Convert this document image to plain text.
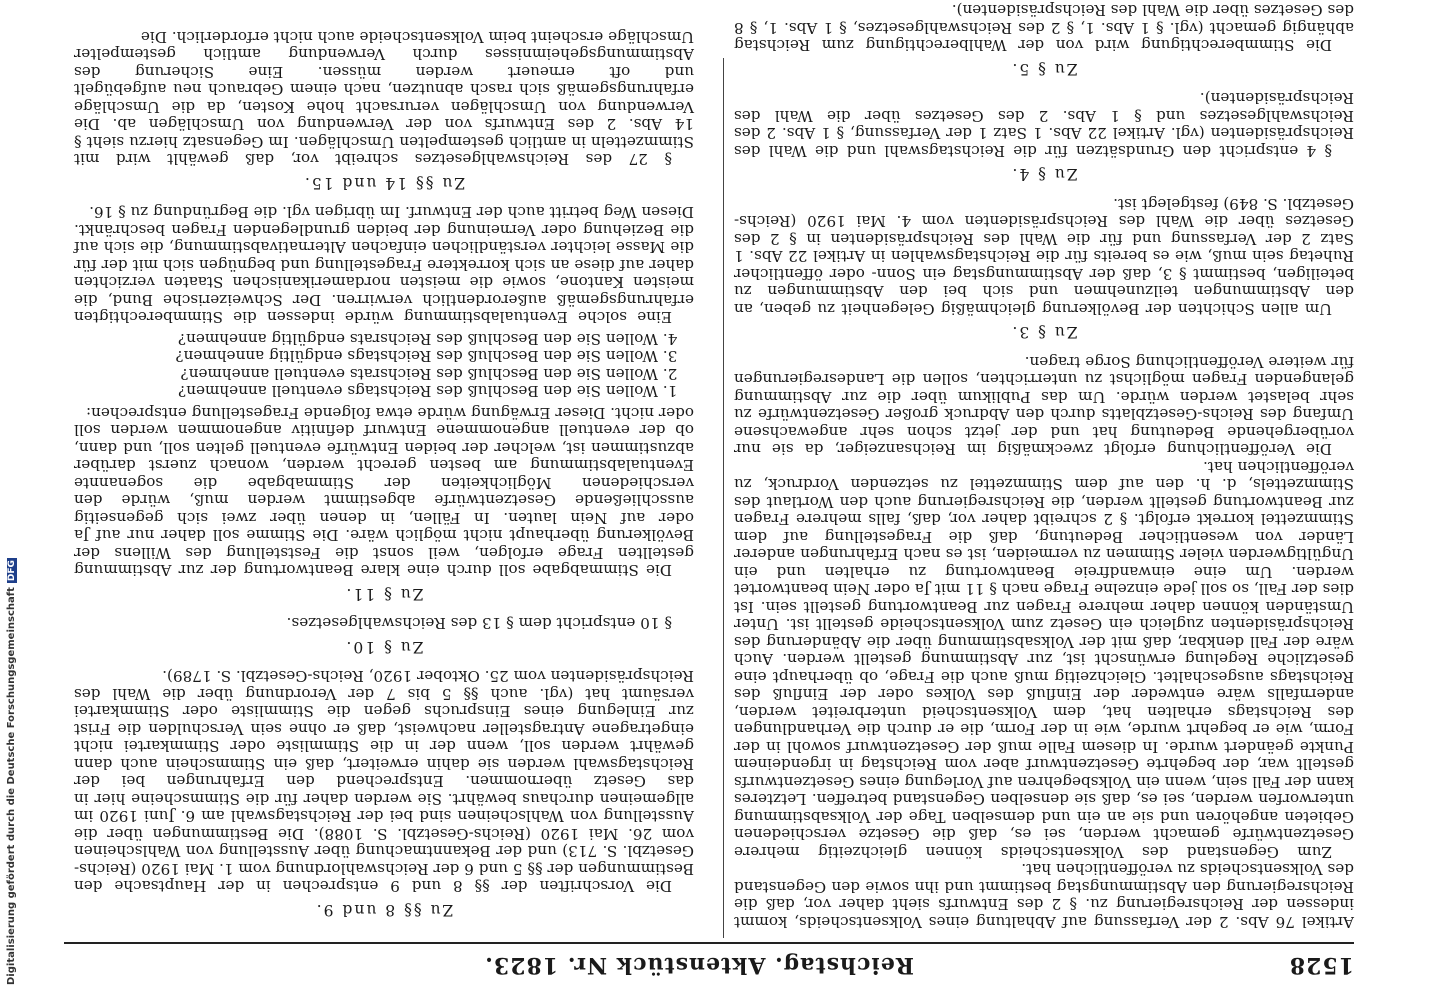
1528
Reichstag. Aktenstück Nr. 1823.

Artikel 76 Abs. 2 der Verfassung auf Abhaltung eines Volksentscheids, kommt indessen der Reichsregierung zu. § 2 des Entwurfs sieht daher vor, daß die Reichsregierung den Abstimmungstag bestimmt und ihn sowie den Gegenstand des Volksentscheids zu veröffentlichen hat.

Zum Gegenstand des Volksentscheids können gleichzeitig mehrere Gesetzentwürfe gemacht werden, sei es, daß die Gesetze verschiedenen Gebieten angehören und sie an ein und demselben Tage der Volksabstimmung unterworfen werden, sei es, daß sie denselben Gegenstand betreffen. Letzteres kann der Fall sein, wenn ein Volksbegehren auf Vorlegung eines Gesetzentwurfs gestellt war, der begehrte Gesetzentwurf aber vom Reichstag in irgendeinem Punkte geändert wurde. In diesem Falle muß der Gesetzentwurf sowohl in der Form, wie er begehrt wurde, wie in der Form, die er durch die Verhandlungen des Reichstags erhalten hat, dem Volksentscheid unterbreitet werden, andernfalls wäre entweder der Einfluß des Volkes oder der Einfluß des Reichstags ausgeschaltet. Gleichzeitig muß auch die Frage, ob überhaupt eine gesetzliche Regelung erwünscht ist, zur Abstimmung gestellt werden. Auch wäre der Fall denkbar, daß mit der Volksabstimmung über die Abänderung des Reichspräsidenten zugleich ein Gesetz zum Volksentscheide gestellt ist. Unter Umständen können daher mehrere Fragen zur Beantwortung gestellt sein. Ist dies der Fall, so soll jede einzelne Frage nach § 11 mit Ja oder Nein beantwortet werden. Um eine einwandfreie Beantwortung zu erhalten und ein Ungültigwerden vieler Stimmen zu vermeiden, ist es nach Erfahrungen anderer Länder von wesentlicher Bedeutung, daß die Fragestellung auf dem Stimmzettel korrekt erfolgt. § 2 schreibt daher vor, daß, falls mehrere Fragen zur Beantwortung gestellt werden, die Reichsregierung auch den Wortlaut des Stimmzettels, d. h. den auf dem Stimmzettel zu setzenden Vordruck, zu veröffentlichen hat.

Die Veröffentlichung erfolgt zweckmäßig im Reichsanzeiger, da sie nur vorübergehende Bedeutung hat und der jetzt schon sehr angewachsene Umfang des Reichs-Gesetzblatts durch den Abdruck großer Gesetzentwürfe zu sehr belastet werden würde. Um das Publikum über die zur Abstimmung gelangenden Fragen möglichst zu unterrichten, sollen die Landesregierungen für weitere Veröffentlichung Sorge tragen.

Zu § 3.

Um allen Schichten der Bevölkerung gleichmäßig Gelegenheit zu geben, an den Abstimmungen teilzunehmen und sich bei den Abstimmungen zu beteiligen, bestimmt § 3, daß der Abstimmungstag ein Sonn- oder öffentlicher Ruhetag sein muß, wie es bereits für die Reichstagswahlen in Artikel 22 Abs. 1 Satz 2 der Verfassung und für die Wahl des Reichspräsidenten in § 2 des Gesetzes über die Wahl des Reichspräsidenten vom 4. Mai 1920 (Reichs-Gesetzbl. S. 849) festgelegt ist.

Zu § 4.

§ 4 entspricht den Grundsätzen für die Reichstagswahl und die Wahl des Reichspräsidenten (vgl. Artikel 22 Abs. 1 Satz 1 der Verfassung, § 1 Abs. 2 des Reichswahlgesetzes und § 1 Abs. 2 des Gesetzes über die Wahl des Reichspräsidenten).

Zu § 5.

Die Stimmberechtigung wird von der Wahlberechtigung zum Reichstag abhängig gemacht (vgl. § 1 Abs. 1, § 2 des Reichswahlgesetzes, § 1 Abs. 1, § 8 des Gesetzes über die Wahl des Reichspräsidenten).

Zu §§ 8 und 9.

Die Vorschriften der §§ 8 und 9 entsprechen in der Hauptsache den Bestimmungen der §§ 5 und 6 der Reichswahlordnung vom 1. Mai 1920 (Reichs-Gesetzbl. S. 713) und der Bekanntmachung über Ausstellung von Wahlscheinen vom 26. Mai 1920 (Reichs-Gesetzbl. S. 1088). Die Bestimmungen über die Ausstellung von Wahlscheinen sind bei der Reichstagswahl am 6. Juni 1920 im allgemeinen durchaus bewährt. Sie werden daher für die Stimmscheine hier in das Gesetz übernommen. Entsprechend den Erfahrungen bei der Reichstagswahl werden sie dahin erweitert, daß ein Stimmschein auch dann gewährt werden soll, wenn der in die Stimmliste oder Stimmkartei nicht eingetragene Antragsteller nachweist, daß er ohne sein Verschulden die Frist zur Einlegung eines Einspruchs gegen die Stimmliste oder Stimmkartei versäumt hat (vgl. auch §§ 5 bis 7 der Verordnung über die Wahl des Reichspräsidenten vom 25. Oktober 1920, Reichs-Gesetzbl. S. 1789).

Zu § 10.

§ 10 entspricht dem § 13 des Reichswahlgesetzes.

Zu § 11.

Die Stimmabgabe soll durch eine klare Beantwortung der zur Abstimmung gestellten Frage erfolgen, weil sonst die Feststellung des Willens der Bevölkerung überhaupt nicht möglich wäre. Die Stimme soll daher nur auf Ja oder auf Nein lauten. In Fällen, in denen über zwei sich gegenseitig ausschließende Gesetzentwürfe abgestimmt werden muß, würde den verschiedenen Möglichkeiten der Stimmabgabe die sogenannte Eventualabstimmung am besten gerecht werden, wonach zuerst darüber abzustimmen ist, welcher der beiden Entwürfe eventuell gelten soll, und dann, ob der eventuell angenommene Entwurf definitiv angenommen werden soll oder nicht. Dieser Erwägung würde etwa folgende Fragestellung entsprechen:

1. Wollen Sie den Beschluß des Reichstags eventuell annehmen?
2. Wollen Sie den Beschluß des Reichsrats eventuell annehmen?
3. Wollen Sie den Beschluß des Reichstags endgültig annehmen?
4. Wollen Sie den Beschluß des Reichsrats endgültig annehmen?

Eine solche Eventualabstimmung würde indessen die Stimmberechtigten erfahrungsgemäß außerordentlich verwirren. Der Schweizerische Bund, die meisten Kantone, sowie die meisten nordamerikanischen Staaten verzichten daher auf diese an sich korrektere Fragestellung und begnügen sich mit der für die Masse leichter verständlichen einfachen Alternativabstimmung, die sich auf die Beziehung oder Verneinung der beiden grundlegenden Fragen beschränkt. Diesen Weg betritt auch der Entwurf. Im übrigen vgl. die Begründung zu § 16.

Zu §§ 14 und 15.

§ 27 des Reichswahlgesetzes schreibt vor, daß gewählt wird mit Stimmzetteln in amtlich gestempelten Umschlägen. Im Gegensatz hierzu sieht § 14 Abs. 2 des Entwurfs von der Verwendung von Umschlägen ab. Die Verwendung von Umschlägen verursacht hohe Kosten, da die Umschläge erfahrungsgemäß sich rasch abnutzen, nach einem Gebrauch neu aufgebügelt und oft erneuert werden müssen. Eine Sicherung des Abstimmungsgeheimnisses durch Verwendung amtlich gestempelter Umschläge erscheint beim Volksentscheide auch nicht erforderlich. Die

Digitalisierung gefördert durch die Deutsche ForschungsgemeinschaftDFG
